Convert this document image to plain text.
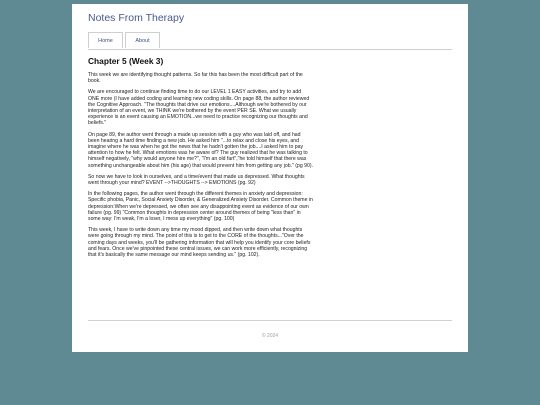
Notes From Therapy
Home	About
Chapter 5 (Week 3)

This week we are identifying thought patterns. So far this has been the most difficult part of the book.

We are encouraged to continue finding time to do our LEVEL 1 EASY activities, and try to add ONE more (I have added coding and learning new coding skills. On page 88, the author reviewed the Cognitive Approach. "The thoughts that drive our emotions....Although we're bothered by our interpretation of an event, we THINK we're bothered by the event PER SE. What we usually experience is an event causing an EMOTION...we need to practice recognizing our thoughts and beliefs."

On page 89, the author went through a made up session with a guy who was laid off, and had been hearing a hard time finding a new job. He asked him "...to relax and close his eyes, and imagine where he was when he got the news that he hadn't gotten the job....I asked him to pay attention to how he felt. What emotions was he aware of? The guy realized that he was talking to himself negatively, "why would anyone hire me?", "I'm an old fart","he told himself that there was something unchangeable about him (his age) that would prevent him from getting any job." (pg 90).

So now we have to look in ourselves, and a time/event that made us depressed. What thoughts went through your mind? EVENT -->THOUGHTS --> EMOTIONS (pg. 92)

In the following pages, the author went through the different themes in anxiety and depression: Specific phobia, Panic, Social Anxiety Disorder, & Generalized Anxiety Disorder. Common theme in depression:When we're depressed, we often see any disappointing event as evidence of our own failure (pg. 99) "Common thoughts in depression center around themes of being "less than" in some way: I'm weak, I'm a loser, I mess up everything" (pg. 100)

This week, I have to write down any time my mood dipped, and then write down what thoughts were going through my mind. The point of this is to get to the CORE of the thoughts..."Over the coming days and weeks, you'll be gathering information that will help you identify your core beliefs and fears. Once we've pinpointed these central issues, we can work more efficiently, recognizing that it's basically the same message our mind keeps sending us." (pg. 102).

© 2024
